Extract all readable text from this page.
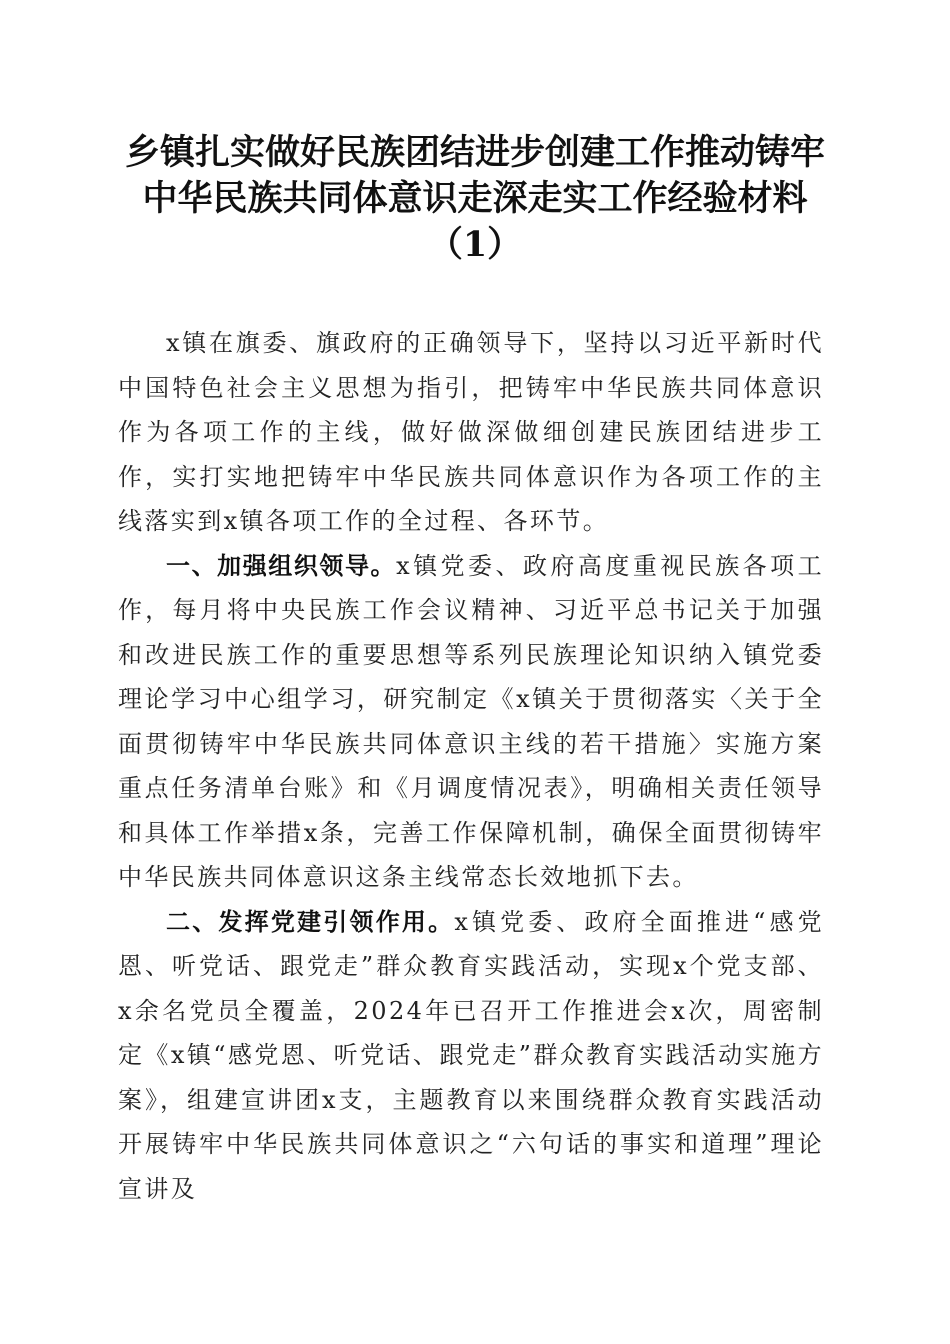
乡镇扎实做好民族团结进步创建工作推动铸牢
中华民族共同体意识走深走实工作经验材料
（1）

x镇在旗委、旗政府的正确领导下，坚持以习近平新时代中国特色社会主义思想为指引，把铸牢中华民族共同体意识作为各项工作的主线，做好做深做细创建民族团结进步工作，实打实地把铸牢中华民族共同体意识作为各项工作的主线落实到x镇各项工作的全过程、各环节。

一、加强组织领导。x镇党委、政府高度重视民族各项工作，每月将中央民族工作会议精神、习近平总书记关于加强和改进民族工作的重要思想等系列民族理论知识纳入镇党委理论学习中心组学习，研究制定《x镇关于贯彻落实〈关于全面贯彻铸牢中华民族共同体意识主线的若干措施〉实施方案重点任务清单台账》和《月调度情况表》，明确相关责任领导和具体工作举措x条，完善工作保障机制，确保全面贯彻铸牢中华民族共同体意识这条主线常态长效地抓下去。

二、发挥党建引领作用。x镇党委、政府全面推进“感党恩、听党话、跟党走”群众教育实践活动，实现x个党支部、x余名党员全覆盖，2024年已召开工作推进会x次，周密制定《x镇“感党恩、听党话、跟党走”群众教育实践活动实施方案》，组建宣讲团x支，主题教育以来围绕群众教育实践活动开展铸牢中华民族共同体意识之“六句话的事实和道理”理论宣讲及
